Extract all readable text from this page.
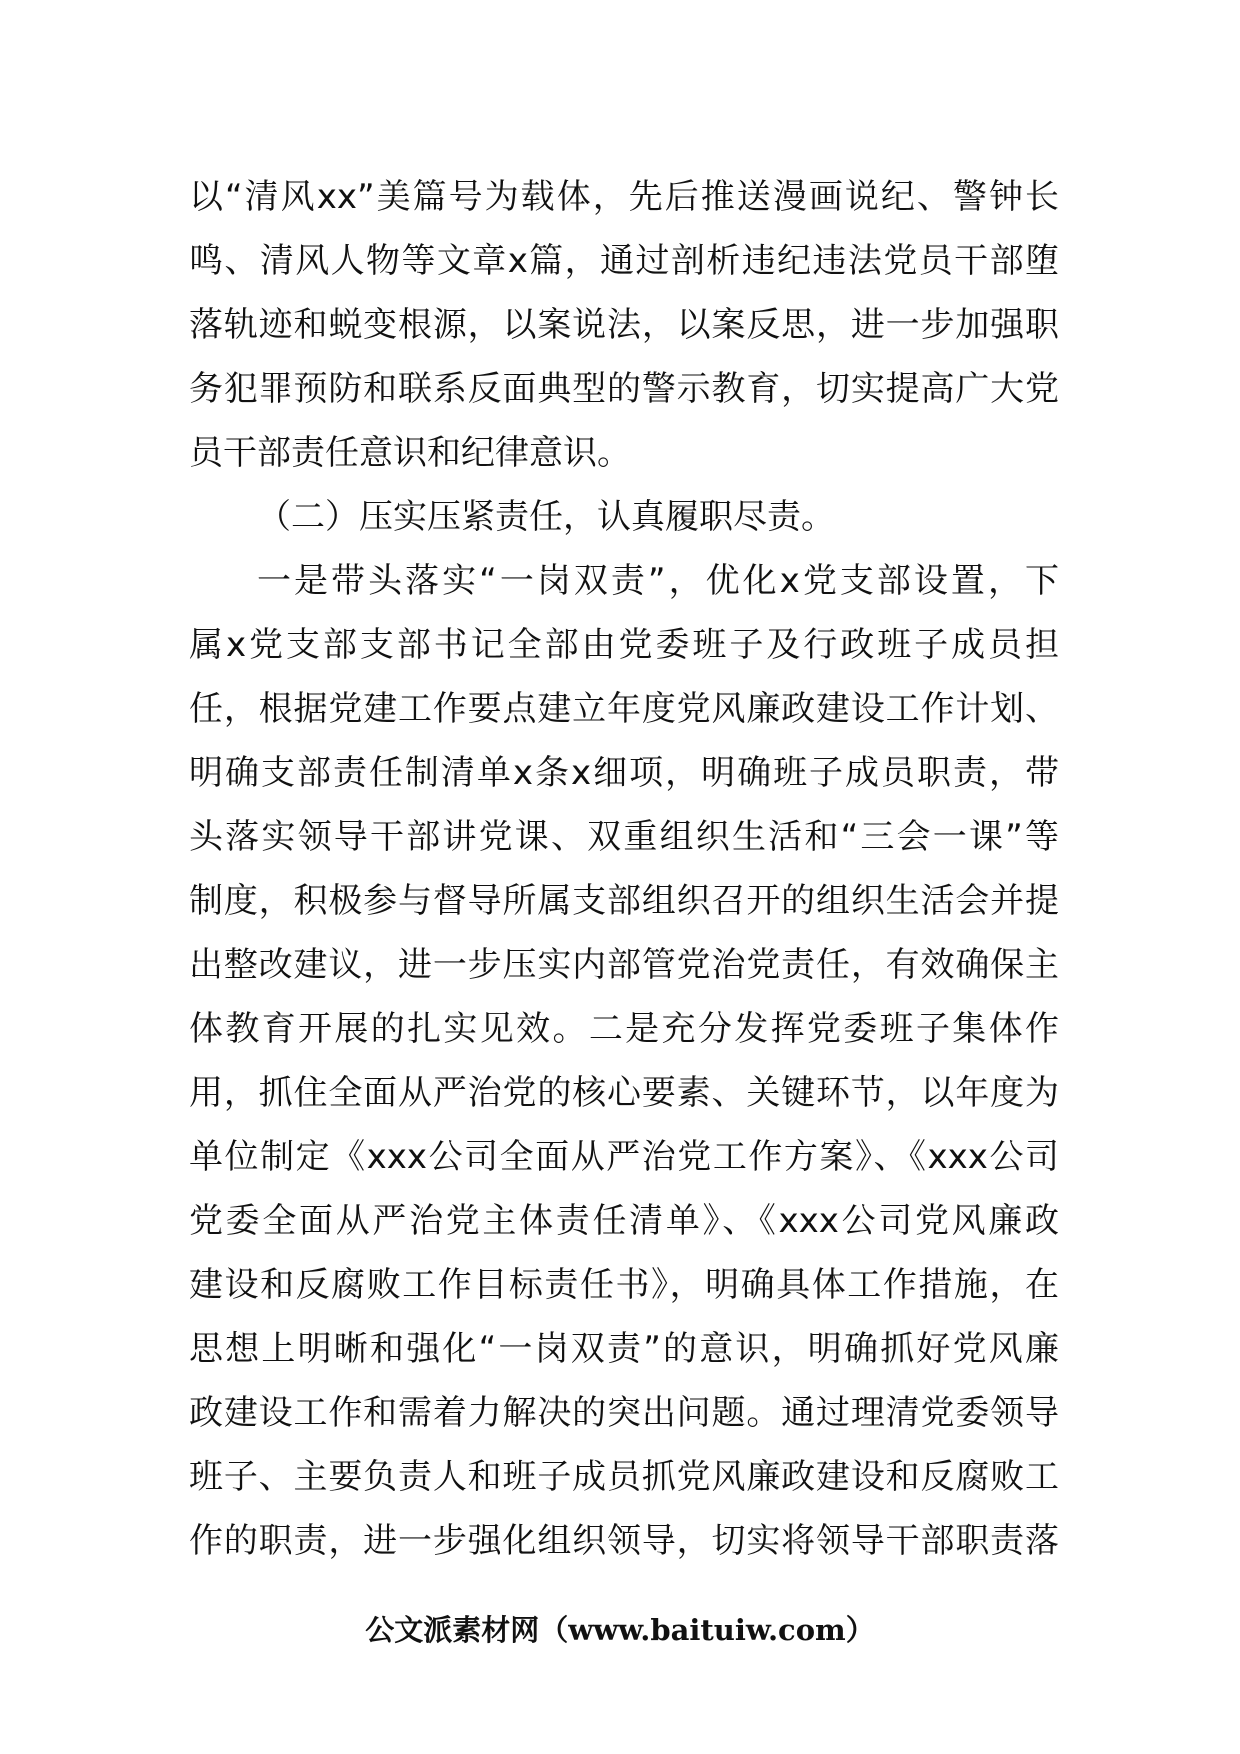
以“清风xx”美篇号为载体，先后推送漫画说纪、警钟长
鸣、清风人物等文章x篇，通过剖析违纪违法党员干部堕
落轨迹和蜕变根源，以案说法，以案反思，进一步加强职
务犯罪预防和联系反面典型的警示教育，切实提高广大党
员干部责任意识和纪律意识。
（二）压实压紧责任，认真履职尽责。
一是带头落实“一岗双责”，优化x党支部设置，下
属x党支部支部书记全部由党委班子及行政班子成员担
任，根据党建工作要点建立年度党风廉政建设工作计划、
明确支部责任制清单x条x细项，明确班子成员职责，带
头落实领导干部讲党课、双重组织生活和“三会一课”等
制度，积极参与督导所属支部组织召开的组织生活会并提
出整改建议，进一步压实内部管党治党责任，有效确保主
体教育开展的扎实见效。二是充分发挥党委班子集体作
用，抓住全面从严治党的核心要素、关键环节，以年度为
单位制定《xxx公司全面从严治党工作方案》、《xxx公司
党委全面从严治党主体责任清单》、《xxx公司党风廉政
建设和反腐败工作目标责任书》，明确具体工作措施，在
思想上明晰和强化“一岗双责”的意识，明确抓好党风廉
政建设工作和需着力解决的突出问题。通过理清党委领导
班子、主要负责人和班子成员抓党风廉政建设和反腐败工
作的职责，进一步强化组织领导，切实将领导干部职责落
公文派素材网（www.baituiw.com）
